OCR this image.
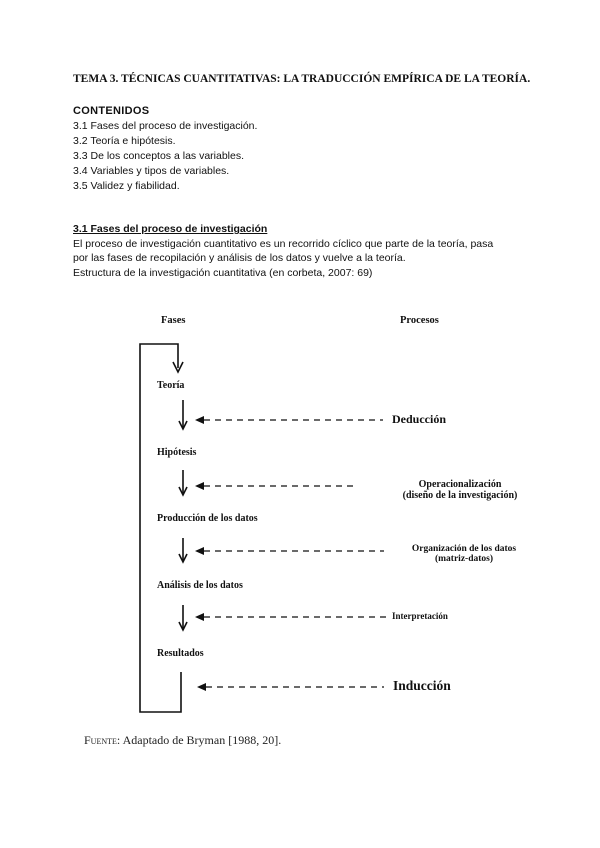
TEMA 3. TÉCNICAS CUANTITATIVAS: LA TRADUCCIÓN EMPÍRICA DE LA TEORÍA.
CONTENIDOS
3.1 Fases del proceso de investigación.
3.2 Teoría e hipótesis.
3.3 De los conceptos a las variables.
3.4 Variables y tipos de variables.
3.5 Validez y fiabilidad.
3.1 Fases del proceso de investigación
El proceso de investigación cuantitativo es un recorrido cíclico que parte de la teoría, pasa
por las fases de recopilación y análisis de los datos y vuelve a la teoría.
Estructura de la investigación cuantitativa (en corbeta, 2007: 69)
Fases	Procesos
Teoría
Hipótesis
Producción de los datos
Análisis de los datos
Resultados
Deducción
Operacionalización
(diseño de la investigación)
Organización de los datos
(matriz-datos)
Interpretación
Inducción
Fuente: Adaptado de Bryman [1988, 20].
